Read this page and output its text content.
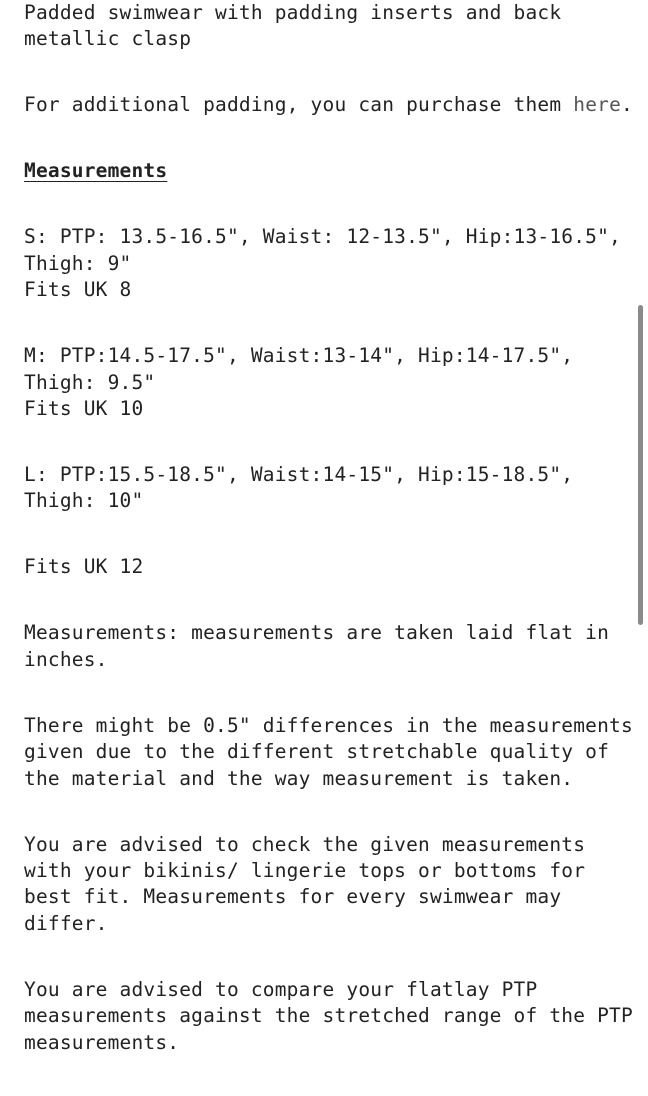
Padded swimwear with padding inserts and back
metallic clasp

For additional padding, you can purchase them here.

Measurements

S: PTP: 13.5-16.5", Waist: 12-13.5", Hip:13-16.5",
Thigh: 9"
Fits UK 8

M: PTP:14.5-17.5", Waist:13-14", Hip:14-17.5",
Thigh: 9.5"
Fits UK 10

L: PTP:15.5-18.5", Waist:14-15", Hip:15-18.5",
Thigh: 10"

Fits UK 12

Measurements: measurements are taken laid flat in
inches.

There might be 0.5" differences in the measurements
given due to the different stretchable quality of
the material and the way measurement is taken.

You are advised to check the given measurements
with your bikinis/ lingerie tops or bottoms for
best fit. Measurements for every swimwear may
differ.

You are advised to compare your flatlay PTP
measurements against the stretched range of the PTP
measurements.
